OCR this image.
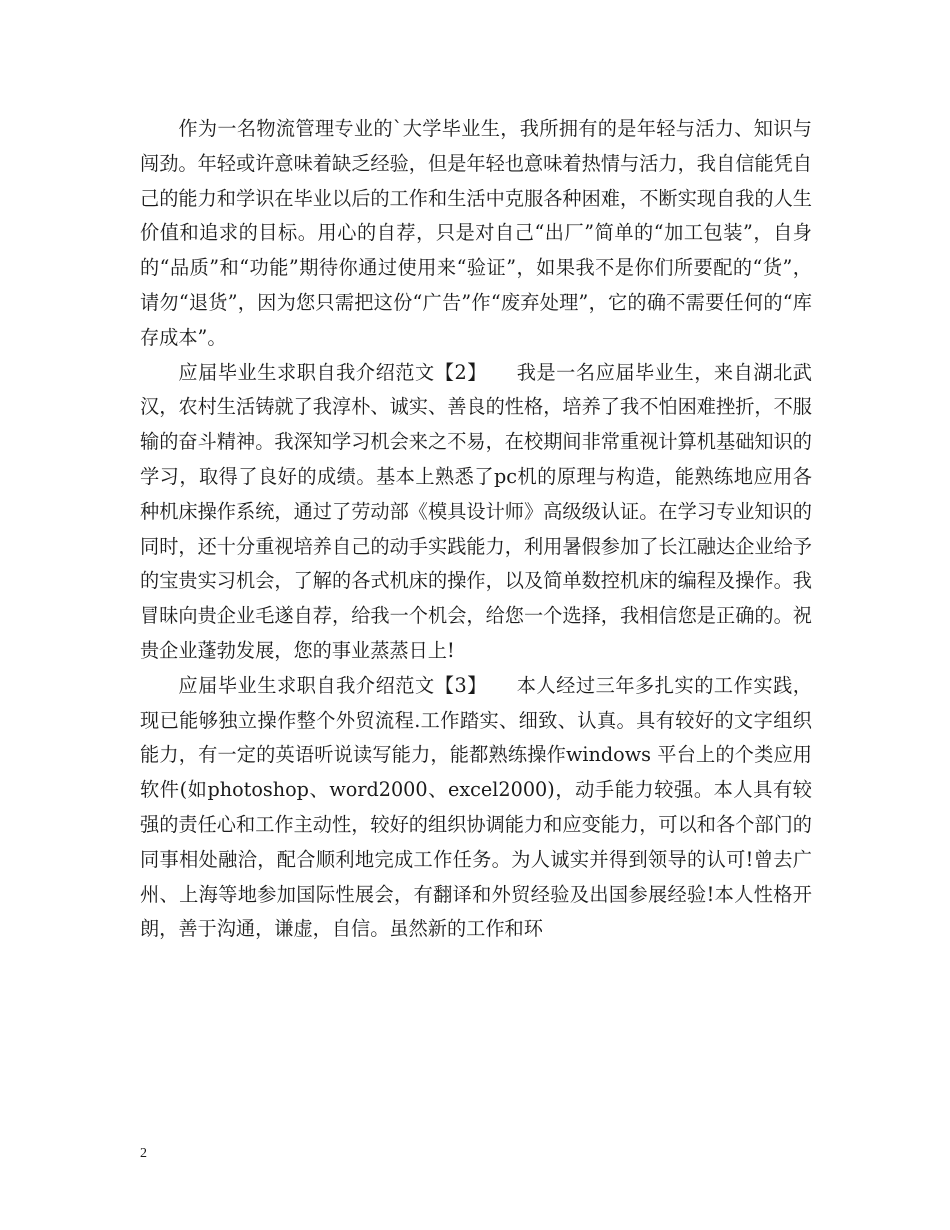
作为一名物流管理专业的`大学毕业生，我所拥有的是年轻与活力、知识与闯劲。年轻或许意味着缺乏经验，但是年轻也意味着热情与活力，我自信能凭自己的能力和学识在毕业以后的工作和生活中克服各种困难，不断实现自我的人生价值和追求的目标。用心的自荐，只是对自己“出厂”简单的“加工包装”，自身的“品质”和“功能”期待你通过使用来“验证”，如果我不是你们所要配的“货”，请勿“退货”，因为您只需把这份“广告”作“废弃处理”，它的确不需要任何的“库存成本”。

应届毕业生求职自我介绍范文【2】　　我是一名应届毕业生，来自湖北武汉，农村生活铸就了我淳朴、诚实、善良的性格，培养了我不怕困难挫折，不服输的奋斗精神。我深知学习机会来之不易，在校期间非常重视计算机基础知识的学习，取得了良好的成绩。基本上熟悉了pc机的原理与构造，能熟练地应用各种机床操作系统，通过了劳动部《模具设计师》高级级认证。在学习专业知识的同时，还十分重视培养自己的动手实践能力，利用暑假参加了长江融达企业给予的宝贵实习机会，了解的各式机床的操作，以及简单数控机床的编程及操作。我冒昧向贵企业毛遂自荐，给我一个机会，给您一个选择，我相信您是正确的。祝贵企业蓬勃发展，您的事业蒸蒸日上!

应届毕业生求职自我介绍范文【3】　　本人经过三年多扎实的工作实践，现已能够独立操作整个外贸流程.工作踏实、细致、认真。具有较好的文字组织能力，有一定的英语听说读写能力，能都熟练操作windows 平台上的个类应用软件(如photoshop、word2000、excel2000)，动手能力较强。本人具有较强的责任心和工作主动性，较好的组织协调能力和应变能力，可以和各个部门的同事相处融洽，配合顺利地完成工作任务。为人诚实并得到领导的认可!曾去广州、上海等地参加国际性展会，有翻译和外贸经验及出国参展经验!本人性格开朗，善于沟通，谦虚，自信。虽然新的工作和环

2
